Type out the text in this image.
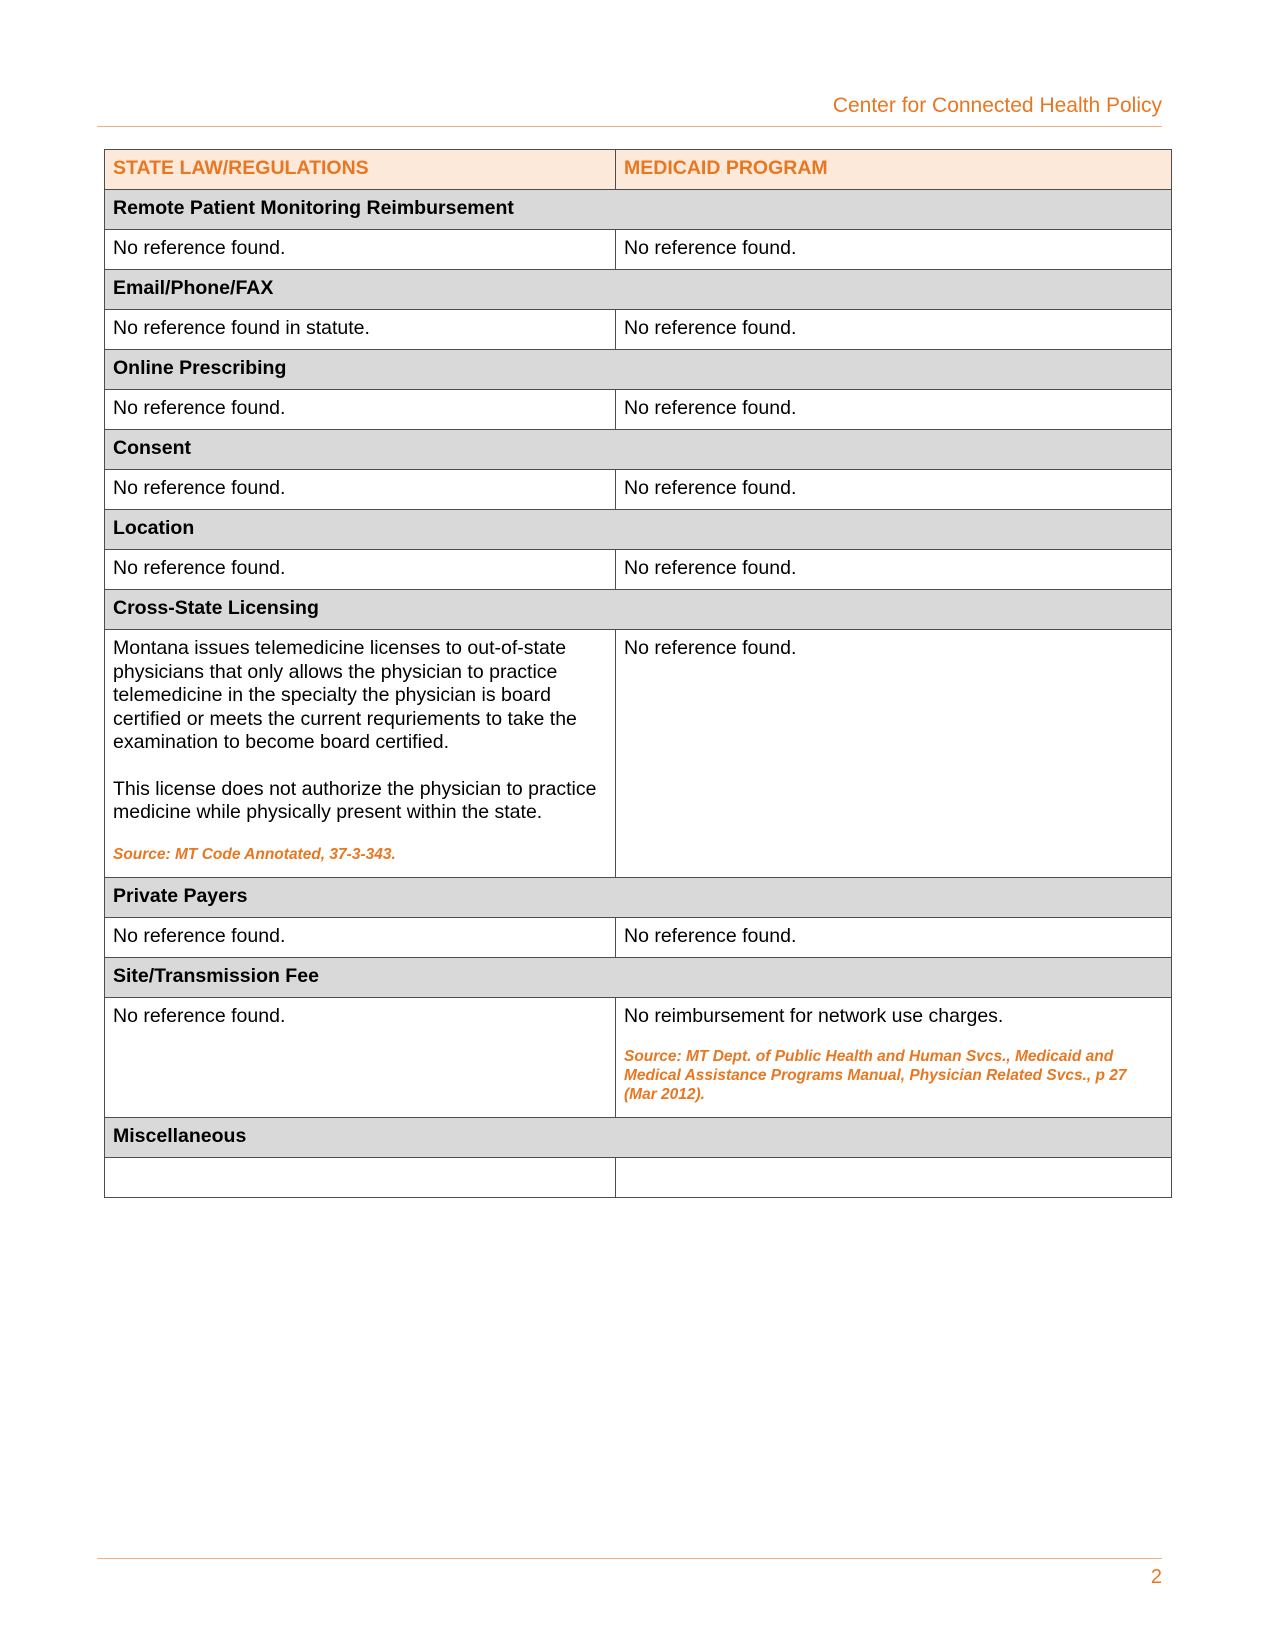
Center for Connected Health Policy
STATE LAW/REGULATIONS	MEDICAID PROGRAM
Remote Patient Monitoring Reimbursement	
No reference found.	No reference found.
Email/Phone/FAX	
No reference found in statute.	No reference found.
Online Prescribing	
No reference found.	No reference found.
Consent	
No reference found.	No reference found.
Location	
No reference found.	No reference found.
Cross-State Licensing	

Montana issues telemedicine licenses to out-of-state physicians that only allows the physician to practice telemedicine in the specialty the physician is board certified or meets the current requriements to take the examination to become board certified.
This license does not authorize the physician to practice medicine while physically present within the state.
Source: MT Code Annotated, 37-3-343.	No reference found.
Private Payers	
No reference found.	No reference found.
Site/Transmission Fee	
No reference found.	No reimbursement for network use charges.
Source: MT Dept. of Public Health and Human Svcs., Medicaid and Medical Assistance Programs Manual, Physician Related Svcs., p 27 (Mar 2012).

Miscellaneous	

2
